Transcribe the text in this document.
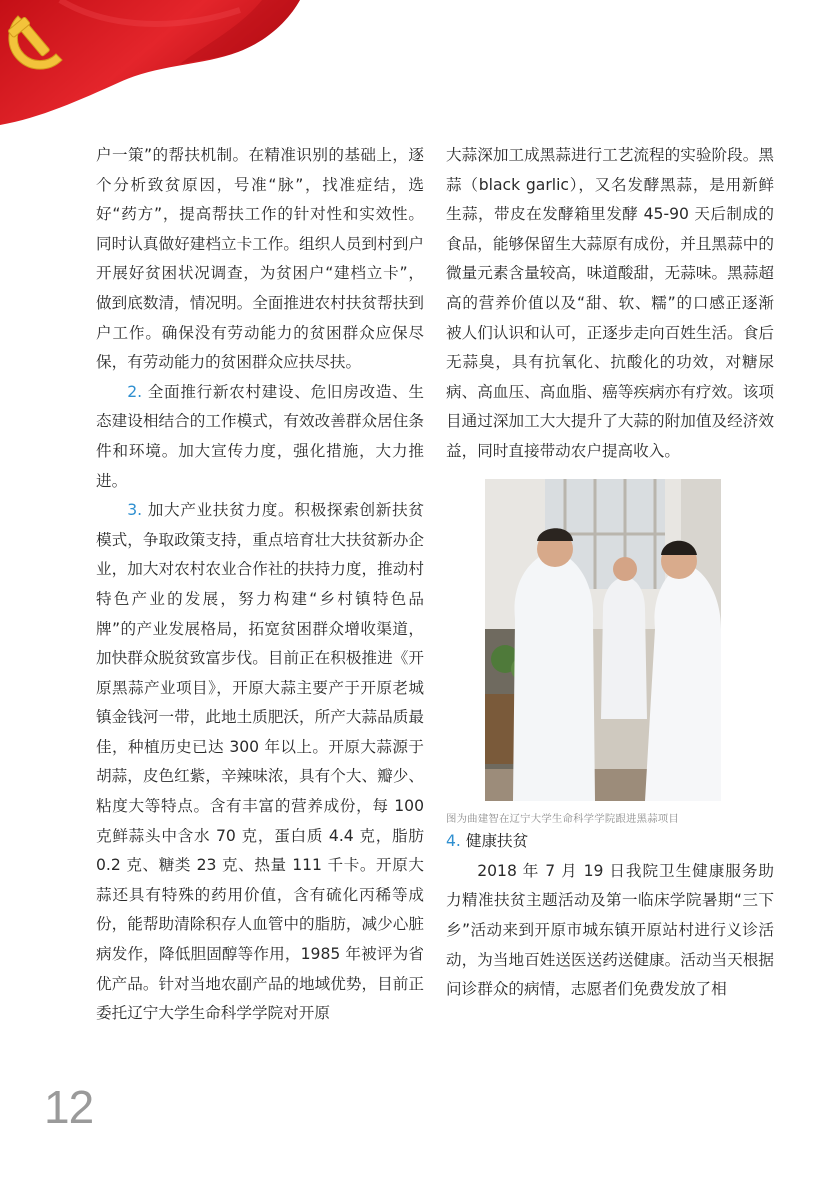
户一策”的帮扶机制。在精准识别的基础上，逐个分析致贫原因，号准“脉”，找准症结，选好“药方”，提高帮扶工作的针对性和实效性。同时认真做好建档立卡工作。组织人员到村到户开展好贫困状况调查，为贫困户“建档立卡”，做到底数清，情况明。全面推进农村扶贫帮扶到户工作。确保没有劳动能力的贫困群众应保尽保，有劳动能力的贫困群众应扶尽扶。

2. 全面推行新农村建设、危旧房改造、生态建设相结合的工作模式，有效改善群众居住条件和环境。加大宣传力度，强化措施，大力推进。

3. 加大产业扶贫力度。积极探索创新扶贫模式，争取政策支持，重点培育壮大扶贫新办企业，加大对农村农业合作社的扶持力度，推动村特色产业的发展，努力构建“乡村镇特色品牌”的产业发展格局，拓宽贫困群众增收渠道，加快群众脱贫致富步伐。目前正在积极推进《开原黑蒜产业项目》，开原大蒜主要产于开原老城镇金钱河一带，此地土质肥沃，所产大蒜品质最佳，种植历史已达 300 年以上。开原大蒜源于胡蒜，皮色红紫，辛辣味浓，具有个大、瓣少、粘度大等特点。含有丰富的营养成份，每 100 克鲜蒜头中含水 70 克，蛋白质 4.4 克，脂肪 0.2 克、糖类 23 克、热量 111 千卡。开原大蒜还具有特殊的药用价值，含有硫化丙稀等成份，能帮助清除积存人血管中的脂肪，减少心脏病发作，降低胆固醇等作用，1985 年被评为省优产品。针对当地农副产品的地域优势，目前正委托辽宁大学生命科学学院对开原

大蒜深加工成黑蒜进行工艺流程的实验阶段。黑蒜（black garlic），又名发酵黑蒜，是用新鲜生蒜，带皮在发酵箱里发酵 45-90 天后制成的食品，能够保留生大蒜原有成份，并且黑蒜中的微量元素含量较高，味道酸甜，无蒜味。黑蒜超高的营养价值以及“甜、软、糯”的口感正逐渐被人们认识和认可，正逐步走向百姓生活。食后无蒜臭，具有抗氧化、抗酸化的功效，对糖尿病、高血压、高血脂、癌等疾病亦有疗效。该项目通过深加工大大提升了大蒜的附加值及经济效益，同时直接带动农户提高收入。

图为曲建智在辽宁大学生命科学学院跟进黑蒜项目

4. 健康扶贫

2018 年 7 月 19 日我院卫生健康服务助力精准扶贫主题活动及第一临床学院暑期“三下乡”活动来到开原市城东镇开原站村进行义诊活动，为当地百姓送医送药送健康。活动当天根据问诊群众的病情，志愿者们免费发放了相

12
